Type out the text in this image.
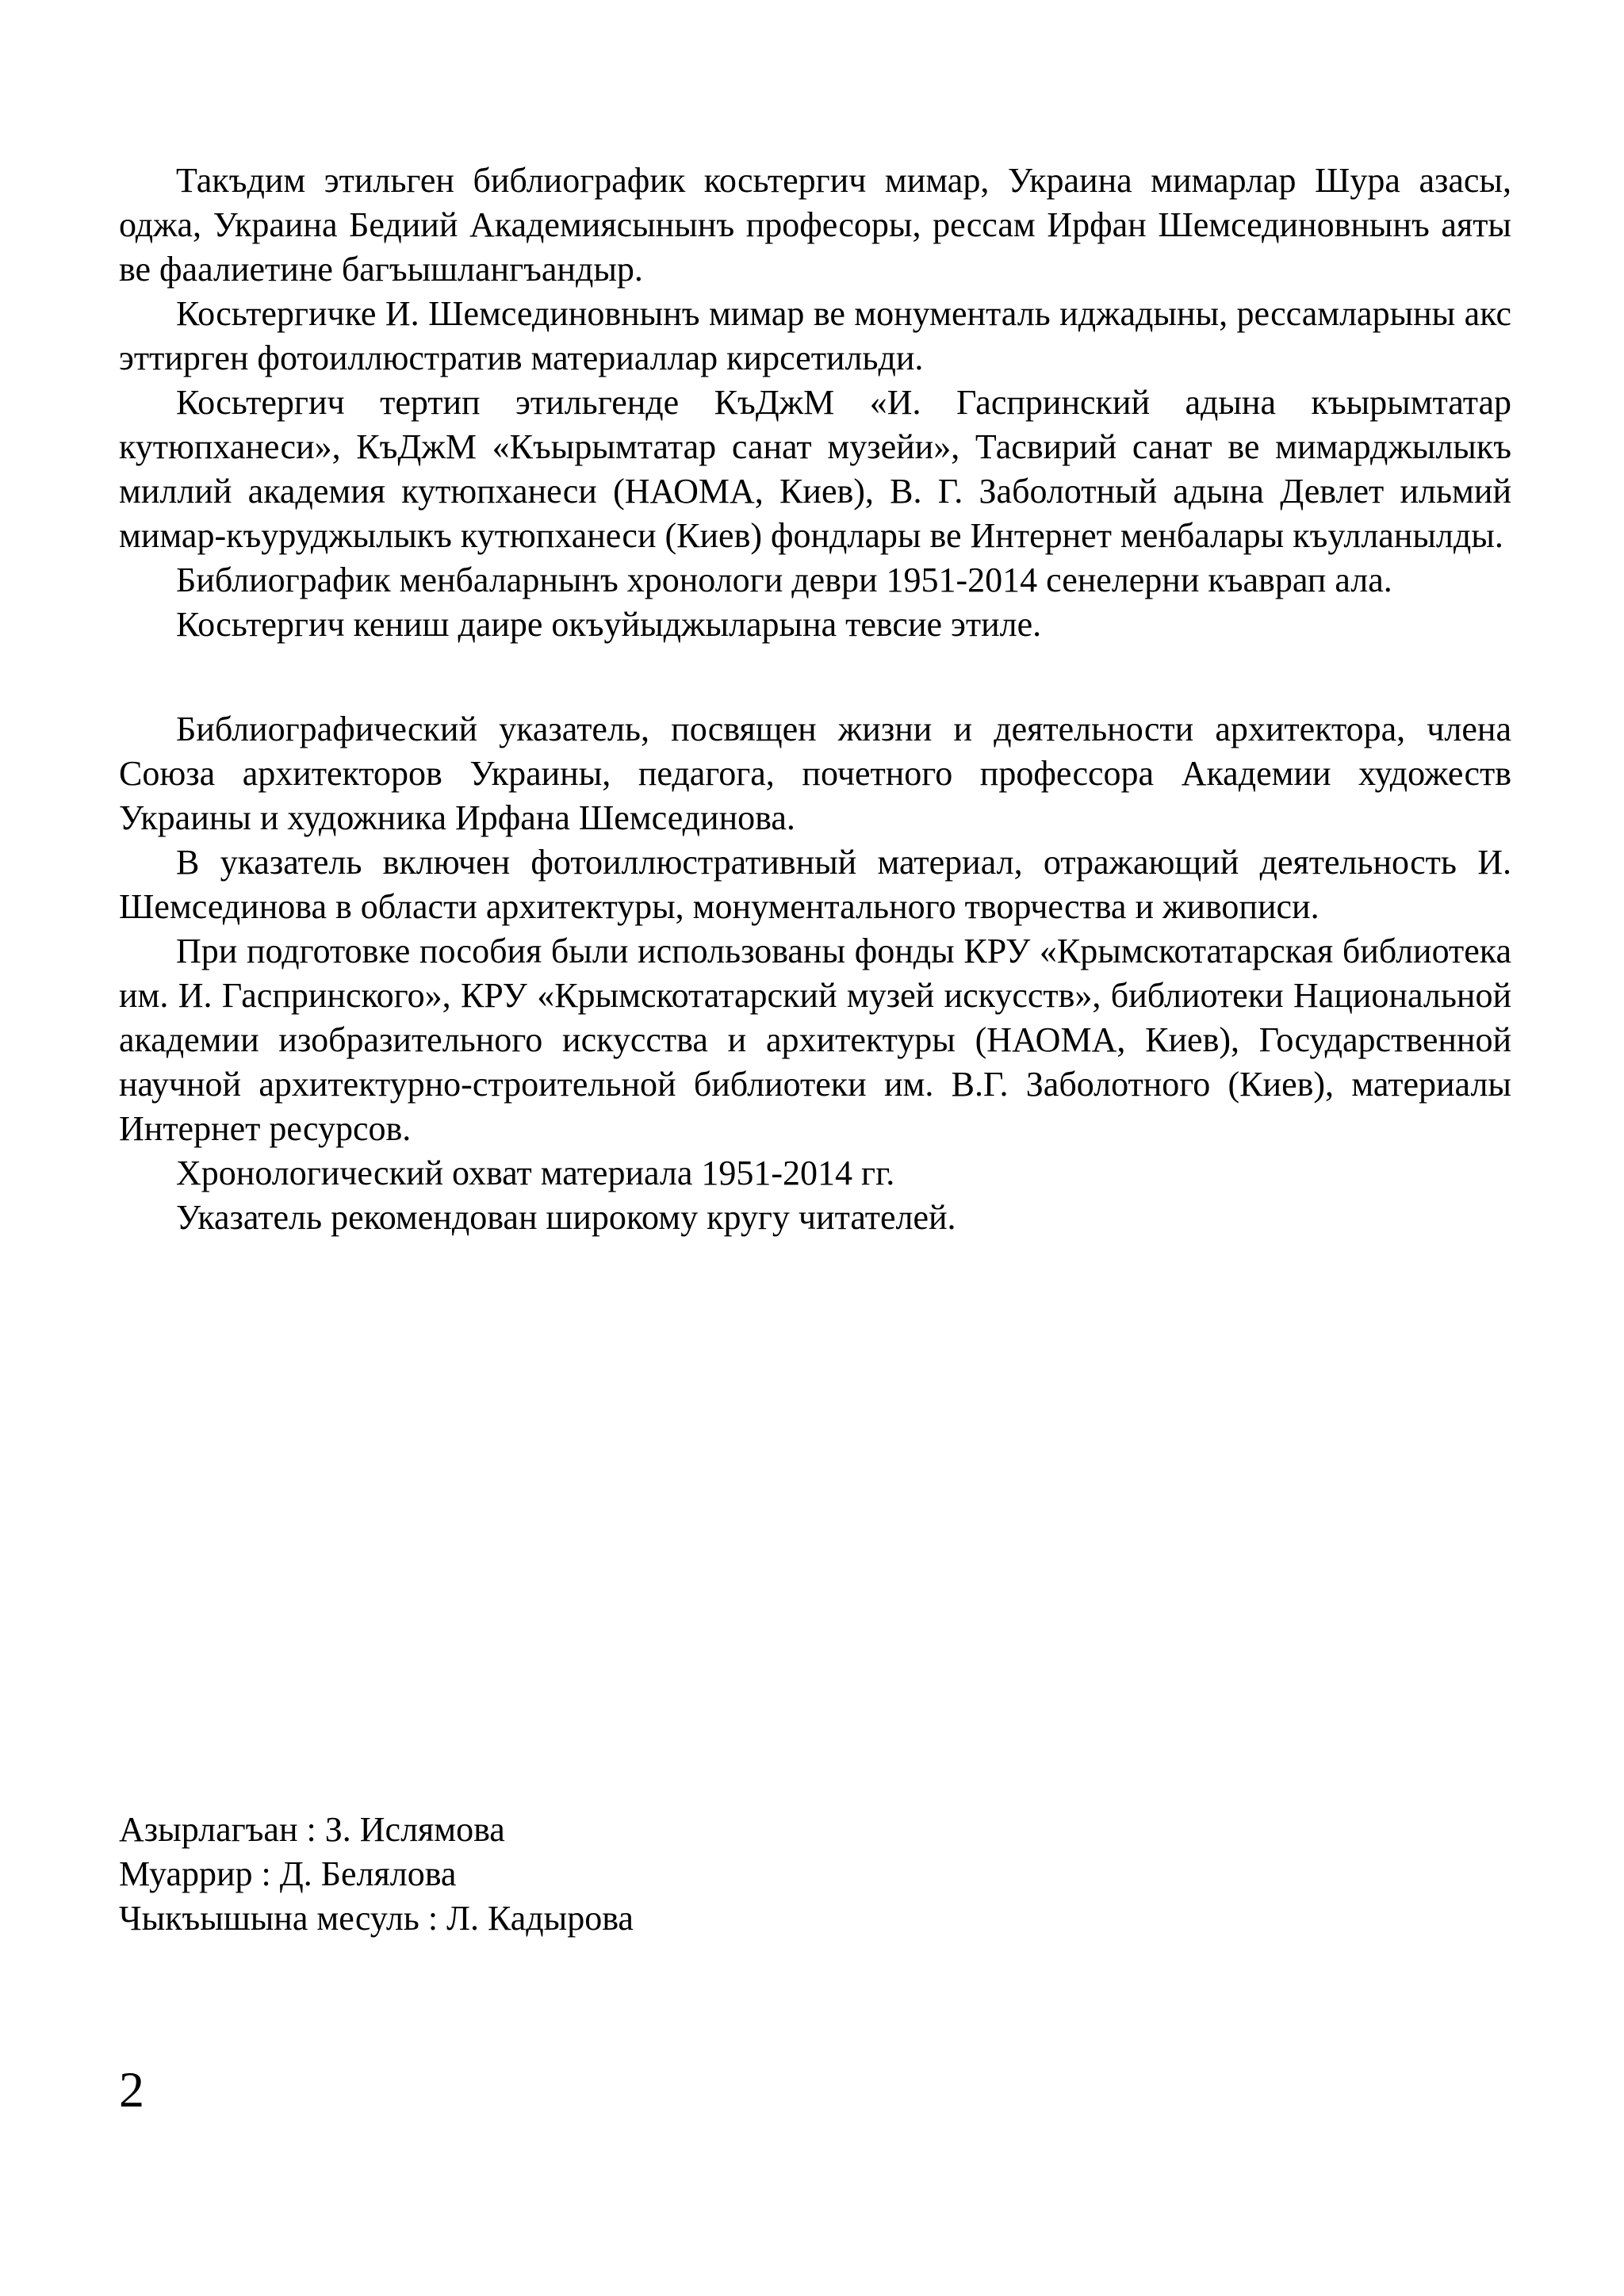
Такъдим этильген библиографик косьтергич мимар, Украина мимарлар Шура азасы, оджа, Украина Бедиий Академиясынынъ професоры, рессам Ирфан Шемсединовнынъ аяты ве фаалиетине багъышлангъандыр.

Косьтергичке И. Шемсединовнынъ мимар ве монументаль иджадыны, рессамларыны акс эттирген фотоиллюстратив материаллар кирсетильди.

Косьтергич тертип этильгенде КъДжМ «И. Гаспринский адына къырымтатар кутюпханеси», КъДжМ «Къырымтатар санат музейи», Тасвирий санат ве мимарджылыкъ миллий академия кутюпханеси (НАОМА, Киев), В. Г. Заболотный адына Девлет ильмий мимар-къуруджылыкъ кутюпханеси (Киев) фондлары ве Интернет менбалары къулланылды.

Библиографик менбаларнынъ хронологи деври 1951-2014 сенелерни къаврап ала.

Косьтергич кениш даире окъуйыджыларына тевсие этиле.

Библиографический указатель, посвящен жизни и деятельности архитектора, члена Союза архитекторов Украины, педагога, почетного профессора Академии художеств Украины и художника Ирфана Шемсединова.

В указатель включен фотоиллюстративный материал, отражающий деятельность И. Шемсединова в области архитектуры, монументального творчества и живописи.

При подготовке пособия были использованы фонды КРУ «Крымскотатарская библиотека им. И. Гаспринского», КРУ «Крымскотатарский музей искусств», библиотеки Национальной академии изобразительного искусства и архитектуры (НАОМА, Киев), Государственной научной архитектурно-строительной библиотеки им. В.Г. Заболотного (Киев), материалы Интернет ресурсов.

Хронологический охват материала 1951-2014 гг.

Указатель рекомендован широкому кругу читателей.

Азырлагъан : З. Ислямова
Муаррир : Д. Белялова
Чыкъышына месуль : Л. Кадырова
2
